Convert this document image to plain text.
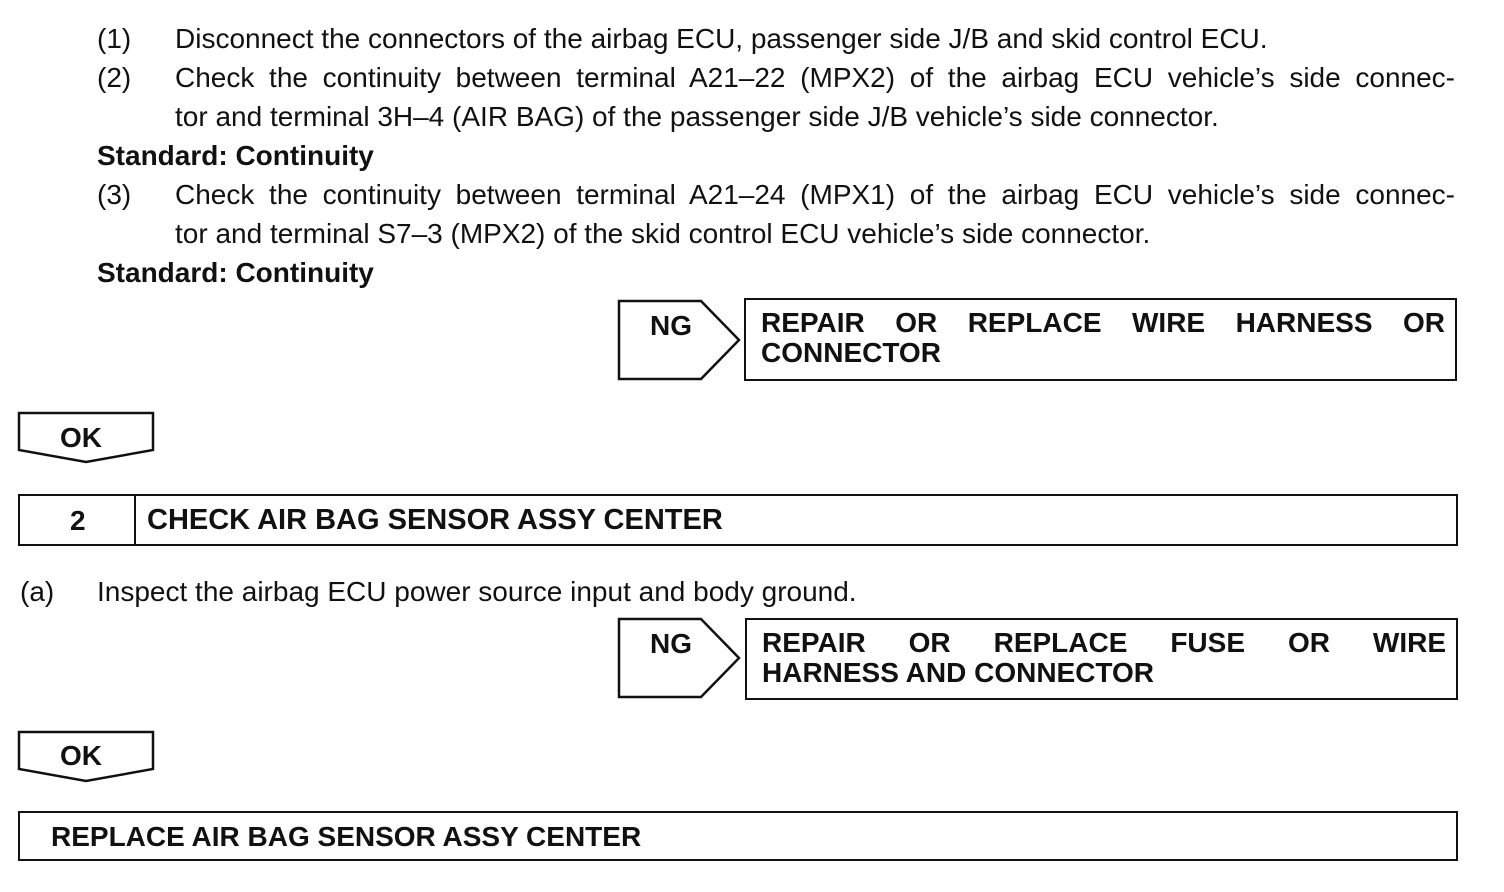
(1) Disconnect the connectors of the airbag ECU, passenger side J/B and skid control ECU.
(2) Check the continuity between terminal A21–22 (MPX2) of the airbag ECU vehicle’s side connec-
tor and terminal 3H–4 (AIR BAG) of the passenger side J/B vehicle’s side connector.
Standard: Continuity
(3) Check the continuity between terminal A21–24 (MPX1) of the airbag ECU vehicle’s side connec-
tor and terminal S7–3 (MPX2) of the skid control ECU vehicle’s side connector.
Standard: Continuity
NG REPAIR OR REPLACE WIRE HARNESS OR
CONNECTOR
OK
2 CHECK AIR BAG SENSOR ASSY CENTER
(a) Inspect the airbag ECU power source input and body ground.
NG	REPAIR OR REPLACE FUSE OR WIRE
HARNESS AND CONNECTOR
OK
REPLACE AIR BAG SENSOR ASSY CENTER
